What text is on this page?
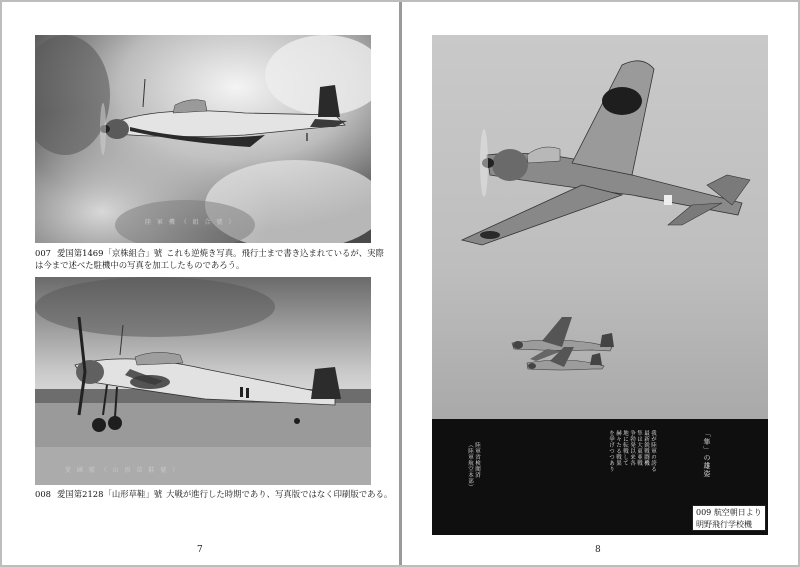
陸 軍 機 （ 組 合 號 ）
007 愛国第1469「京株組合」號 これも逆焼き写真。飛行士まで書き込まれているが、実際
は今まで述べた駐機中の写真を加工したものであろう。
愛 國 號 （ 山 形 草 鞋 號 ）
008 愛国第2128「山形草鞋」號 大戦が進行した時期であり、写真版ではなく印刷版である。
7
「隼」の雄姿
我が陸軍の誇る
最新鋭戦闘機
隼は大東亜戦
争勃発以来各
地に転戦して
赫々たる戦果
を挙げつつあり
陸軍省検閲済
（陸軍航空本部）
009 航空朝日より
明野飛行学校機
8
